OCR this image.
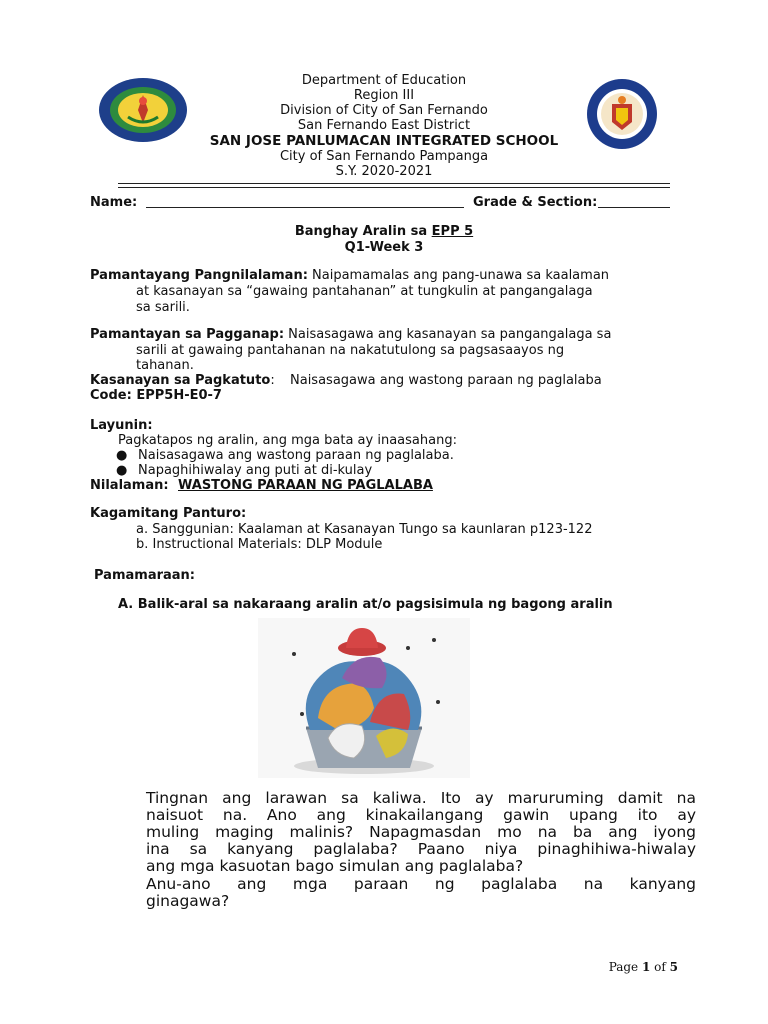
Department of Education
Region III
Division of City of San Fernando
San Fernando East District
SAN JOSE PANLUMACAN INTEGRATED SCHOOL
City of San Fernando Pampanga
S.Y. 2020-2021
Name:	Grade & Section:
Banghay Aralin sa EPP 5
Q1-Week 3
Pamantayang Pangnilalaman: Naipamamalas ang pang-unawa sa kaalaman
at kasanayan sa “gawaing pantahanan” at tungkulin at pangangalaga
sa sarili.
Pamantayan sa Pagganap: Naisasagawa ang kasanayan sa pangangalaga sa
sarili at gawaing pantahanan na nakatutulong sa pagsasaayos ng
tahanan.
Kasanayan sa Pagkatuto: Naisasagawa ang wastong paraan ng paglalaba
Code: EPP5H-E0-7
Layunin:
Pagkatapos ng aralin, ang mga bata ay inaasahang:
● Naisasagawa ang wastong paraan ng paglalaba.
● Napaghihiwalay ang puti at di-kulay
Nilalaman: WASTONG PARAAN NG PAGLALABA
Kagamitang Panturo:
a. Sanggunian: Kaalaman at Kasanayan Tungo sa kaunlaran p123-122
b. Instructional Materials: DLP Module
Pamamaraan:
A. Balik-aral sa nakaraang aralin at/o pagsisimula ng bagong aralin
Tingnan ang larawan sa kaliwa. Ito ay maruruming damit na
naisuot na. Ano ang kinakailangang gawin upang ito ay
muling maging malinis? Napagmasdan mo na ba ang iyong
ina sa kanyang paglalaba? Paano niya pinaghihiwa-hiwalay
ang mga kasuotan bago simulan ang paglalaba?
Anu-ano ang mga paraan ng paglalaba na kanyang
ginagawa?
Page 1 of 5
